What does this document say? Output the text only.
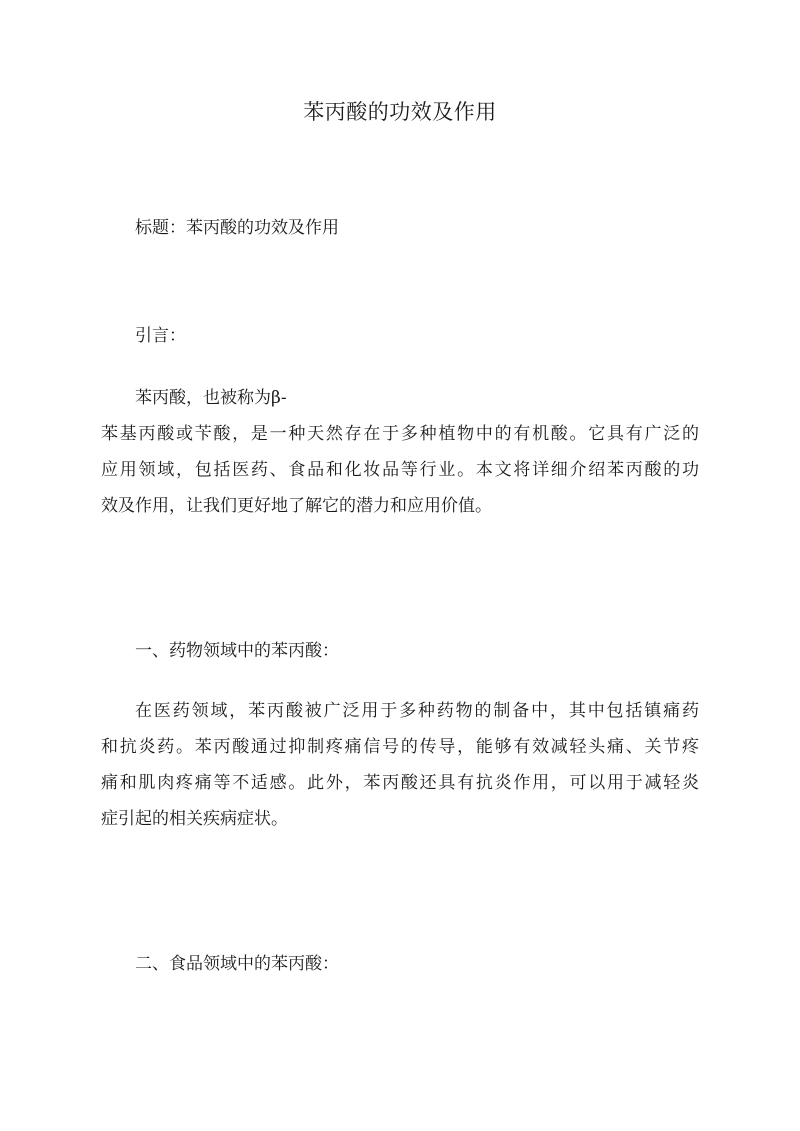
苯丙酸的功效及作用

标题：苯丙酸的功效及作用

引言：

苯丙酸，也被称为β-
苯基丙酸或苄酸，是一种天然存在于多种植物中的有机酸。它具有广泛的
应用领域，包括医药、食品和化妆品等行业。本文将详细介绍苯丙酸的功
效及作用，让我们更好地了解它的潜力和应用价值。

一、药物领域中的苯丙酸：

在医药领域，苯丙酸被广泛用于多种药物的制备中，其中包括镇痛药
和抗炎药。苯丙酸通过抑制疼痛信号的传导，能够有效减轻头痛、关节疼
痛和肌肉疼痛等不适感。此外，苯丙酸还具有抗炎作用，可以用于减轻炎
症引起的相关疾病症状。

二、食品领域中的苯丙酸：
